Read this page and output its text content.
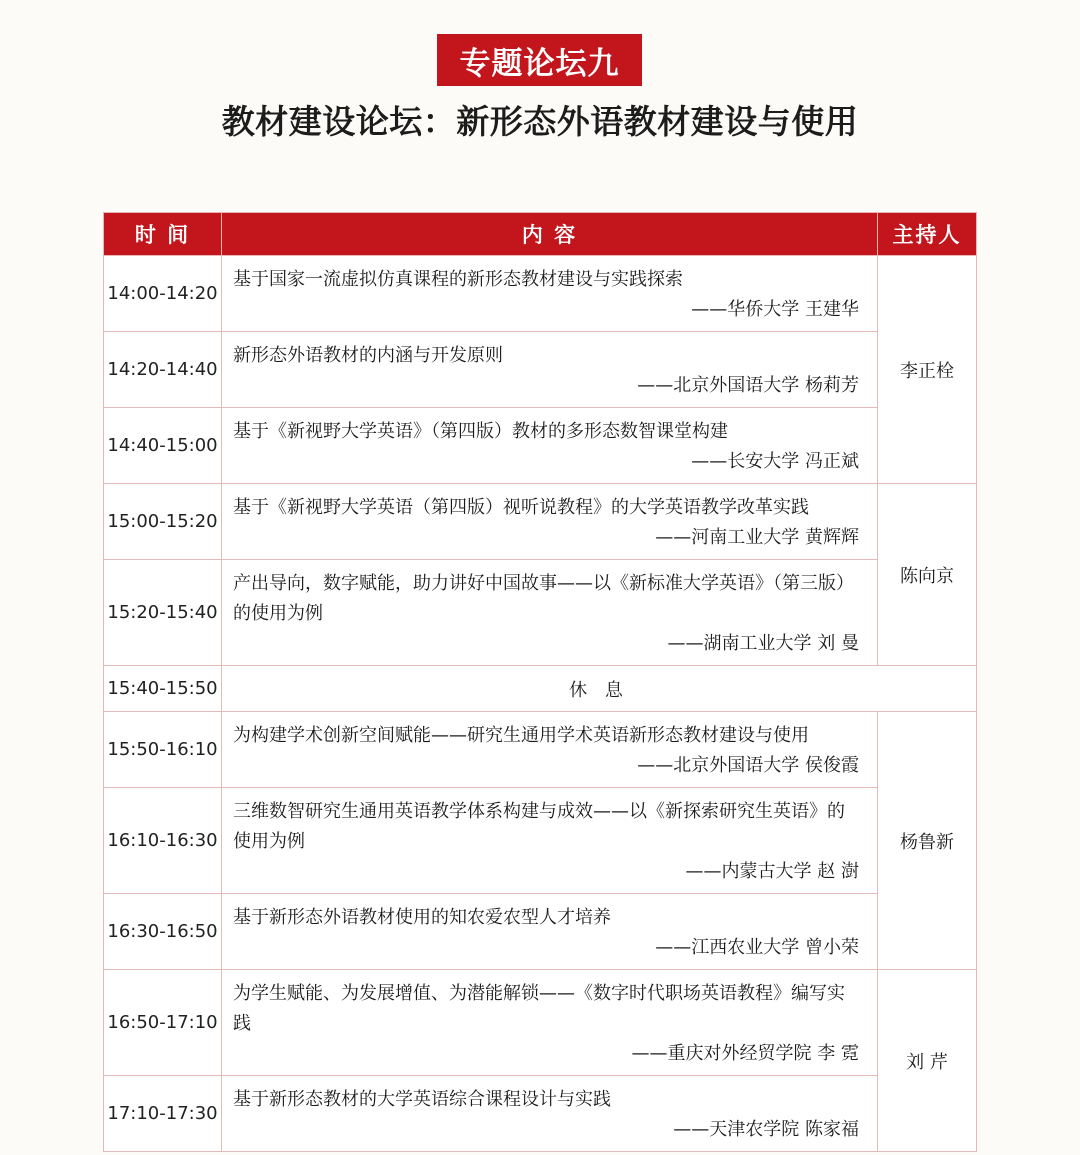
专题论坛九
教材建设论坛：新形态外语教材建设与使用
时 间	内 容	主持人
14:00-14:20	基于国家一流虚拟仿真课程的新形态教材建设与实践探索
——华侨大学 王建华	李正栓
14:20-14:40	新形态外语教材的内涵与开发原则
——北京外国语大学 杨莉芳	

14:40-15:00	基于《新视野大学英语》（第四版）教材的多形态数智课堂构建
——长安大学 冯正斌	

15:00-15:20	基于《新视野大学英语（第四版）视听说教程》的大学英语教学改革实践
——河南工业大学 黄辉辉	陈向京
15:20-15:40	产出导向，数字赋能，助力讲好中国故事——以《新标准大学英语》（第三版）的使用为例
——湖南工业大学 刘 曼	

15:40-15:50	休 息	
15:50-16:10	为构建学术创新空间赋能——研究生通用学术英语新形态教材建设与使用
——北京外国语大学 侯俊霞	杨鲁新
16:10-16:30	三维数智研究生通用英语教学体系构建与成效——以《新探索研究生英语》的使用为例
——内蒙古大学 赵 澍	

16:30-16:50	基于新形态外语教材使用的知农爱农型人才培养
——江西农业大学 曾小荣	

16:50-17:10	为学生赋能、为发展增值、为潜能解锁——《数字时代职场英语教程》编写实践
——重庆对外经贸学院 李 霓	刘 芹
17:10-17:30	基于新形态教材的大学英语综合课程设计与实践
——天津农学院 陈家福	
